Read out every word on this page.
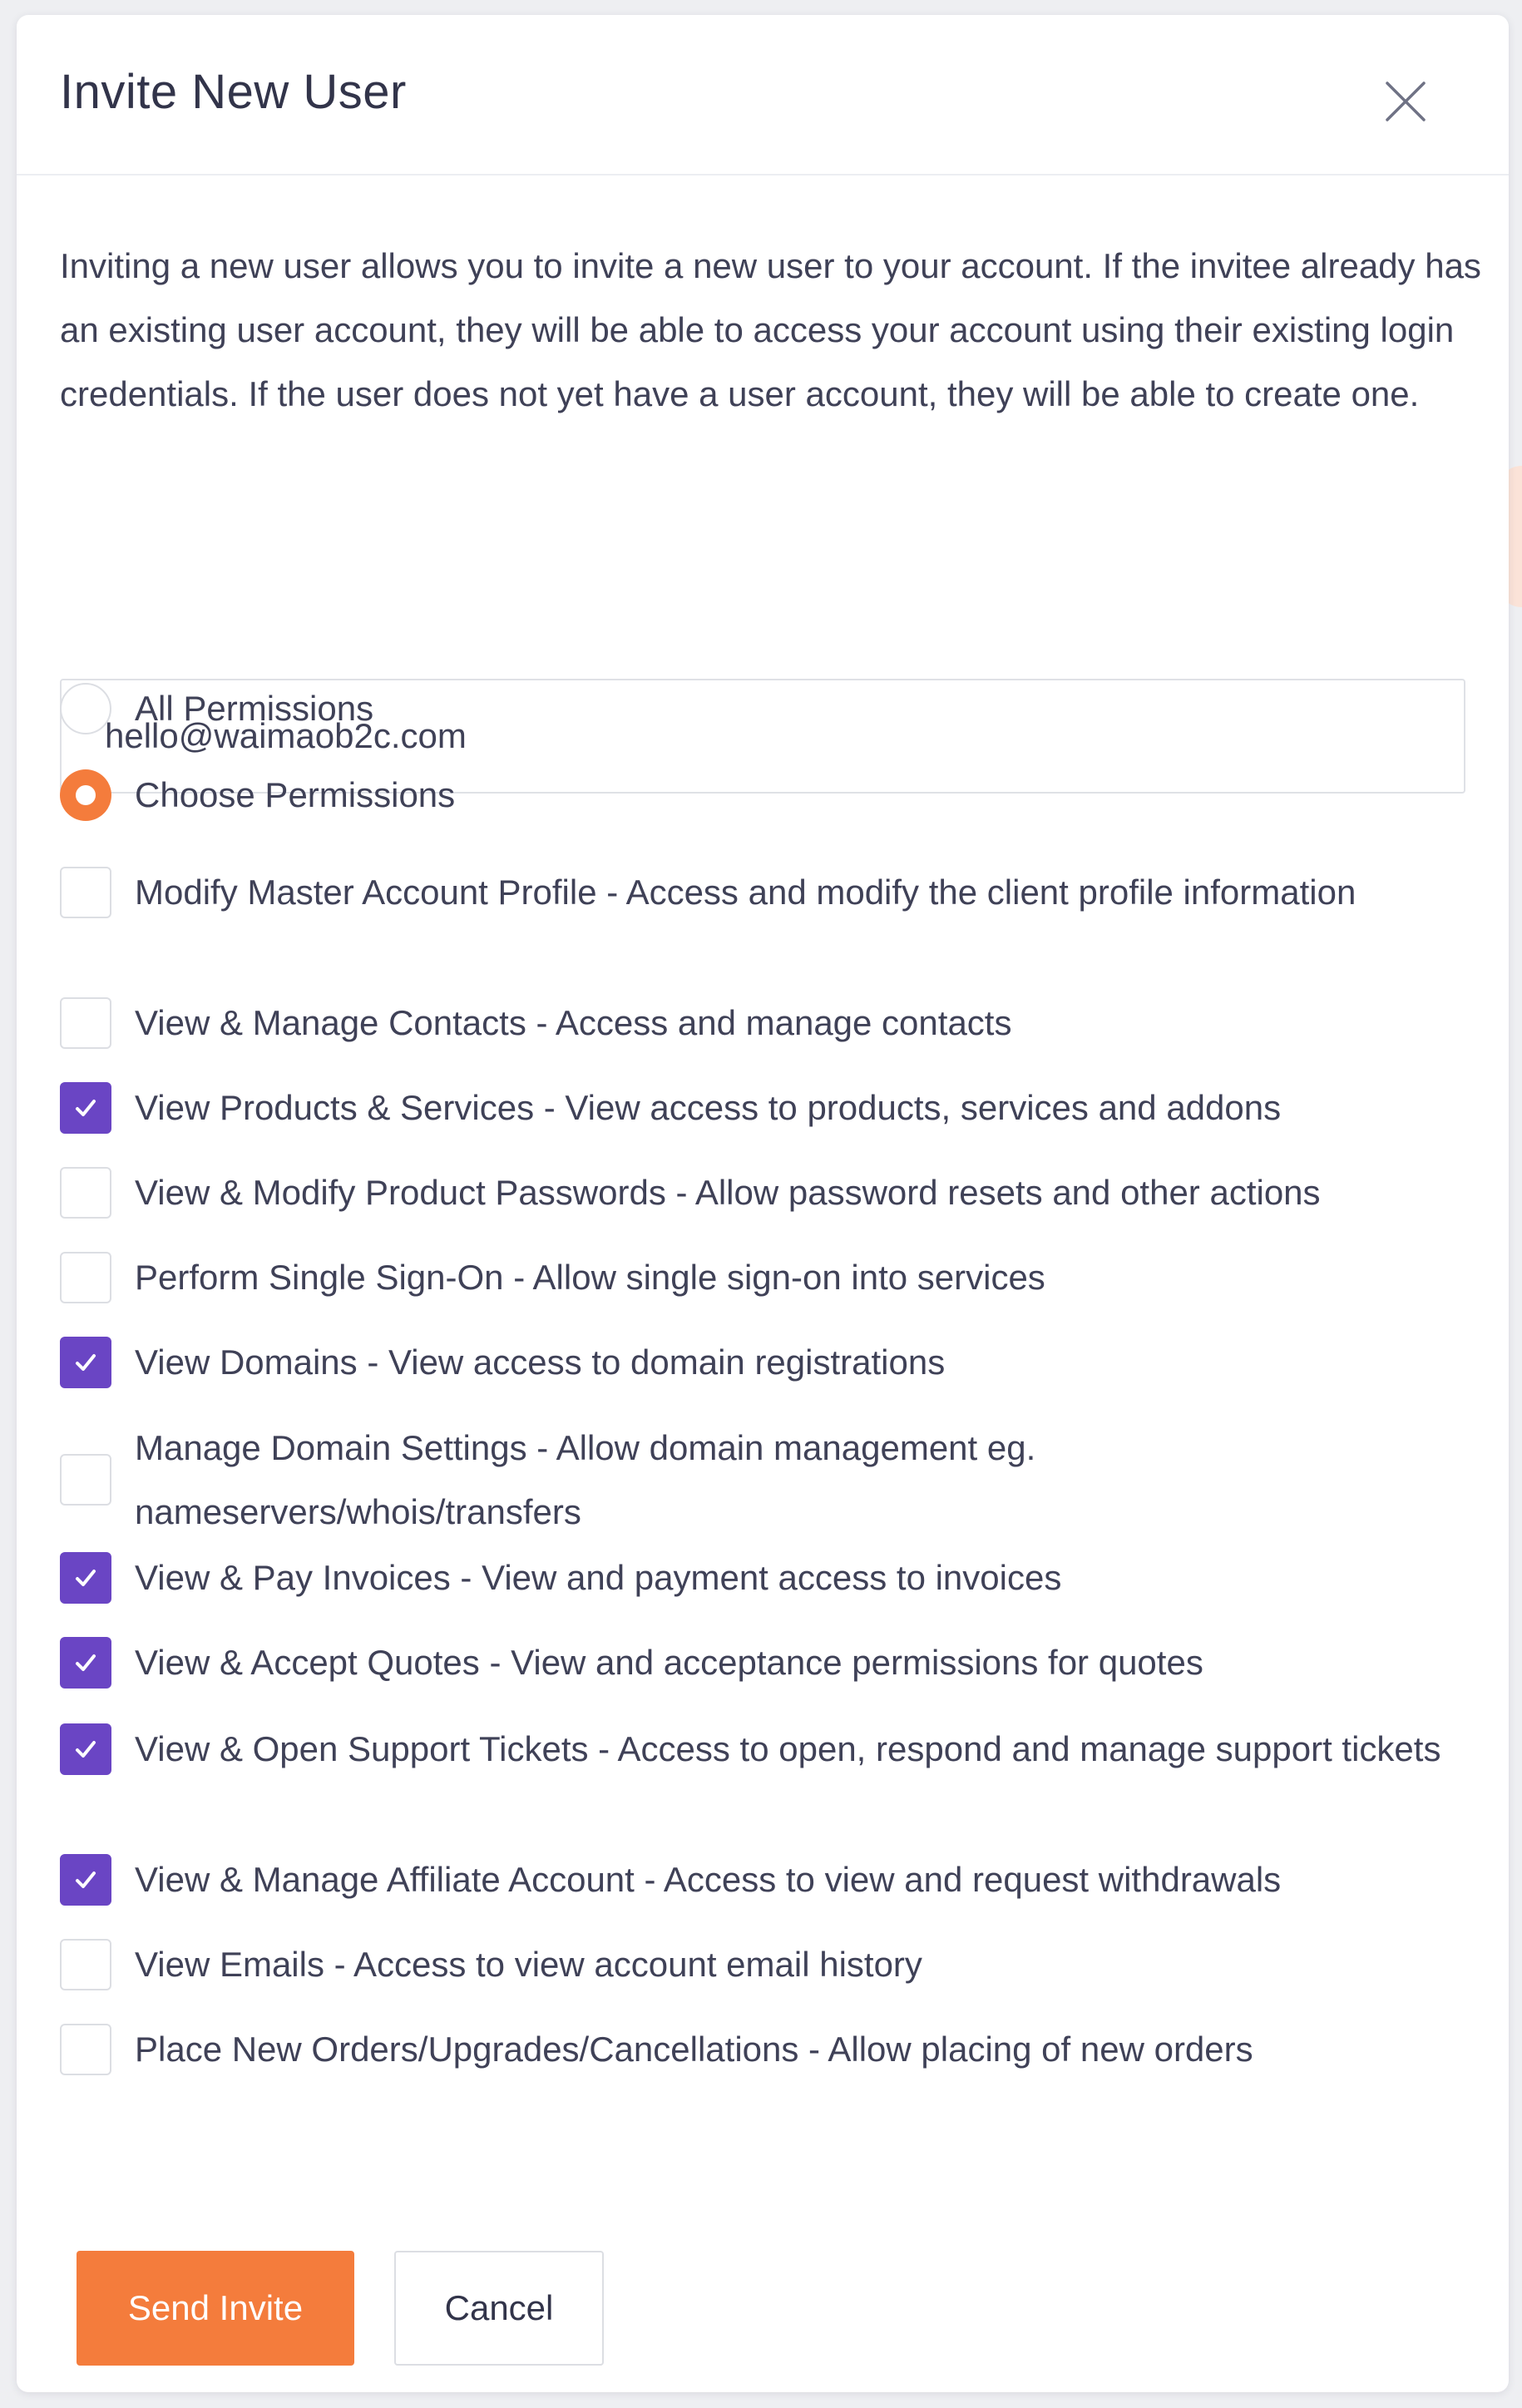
Invite New User

Inviting a new user allows you to invite a new user to your account. If the invitee already has an existing user account, they will be able to access your account using their existing login credentials. If the user does not yet have a user account, they will be able to create one.

hello@waimaob2c.com
All Permissions
Choose Permissions
Modify Master Account Profile - Access and modify the client profile information
View & Manage Contacts - Access and manage contacts
View Products & Services - View access to products, services and addons
View & Modify Product Passwords - Allow password resets and other actions
Perform Single Sign-On - Allow single sign-on into services
View Domains - View access to domain registrations
Manage Domain Settings - Allow domain management eg. nameservers/whois/transfers
View & Pay Invoices - View and payment access to invoices
View & Accept Quotes - View and acceptance permissions for quotes
View & Open Support Tickets - Access to open, respond and manage support tickets
View & Manage Affiliate Account - Access to view and request withdrawals
View Emails - Access to view account email history
Place New Orders/Upgrades/Cancellations - Allow placing of new orders
Send Invite	Cancel
